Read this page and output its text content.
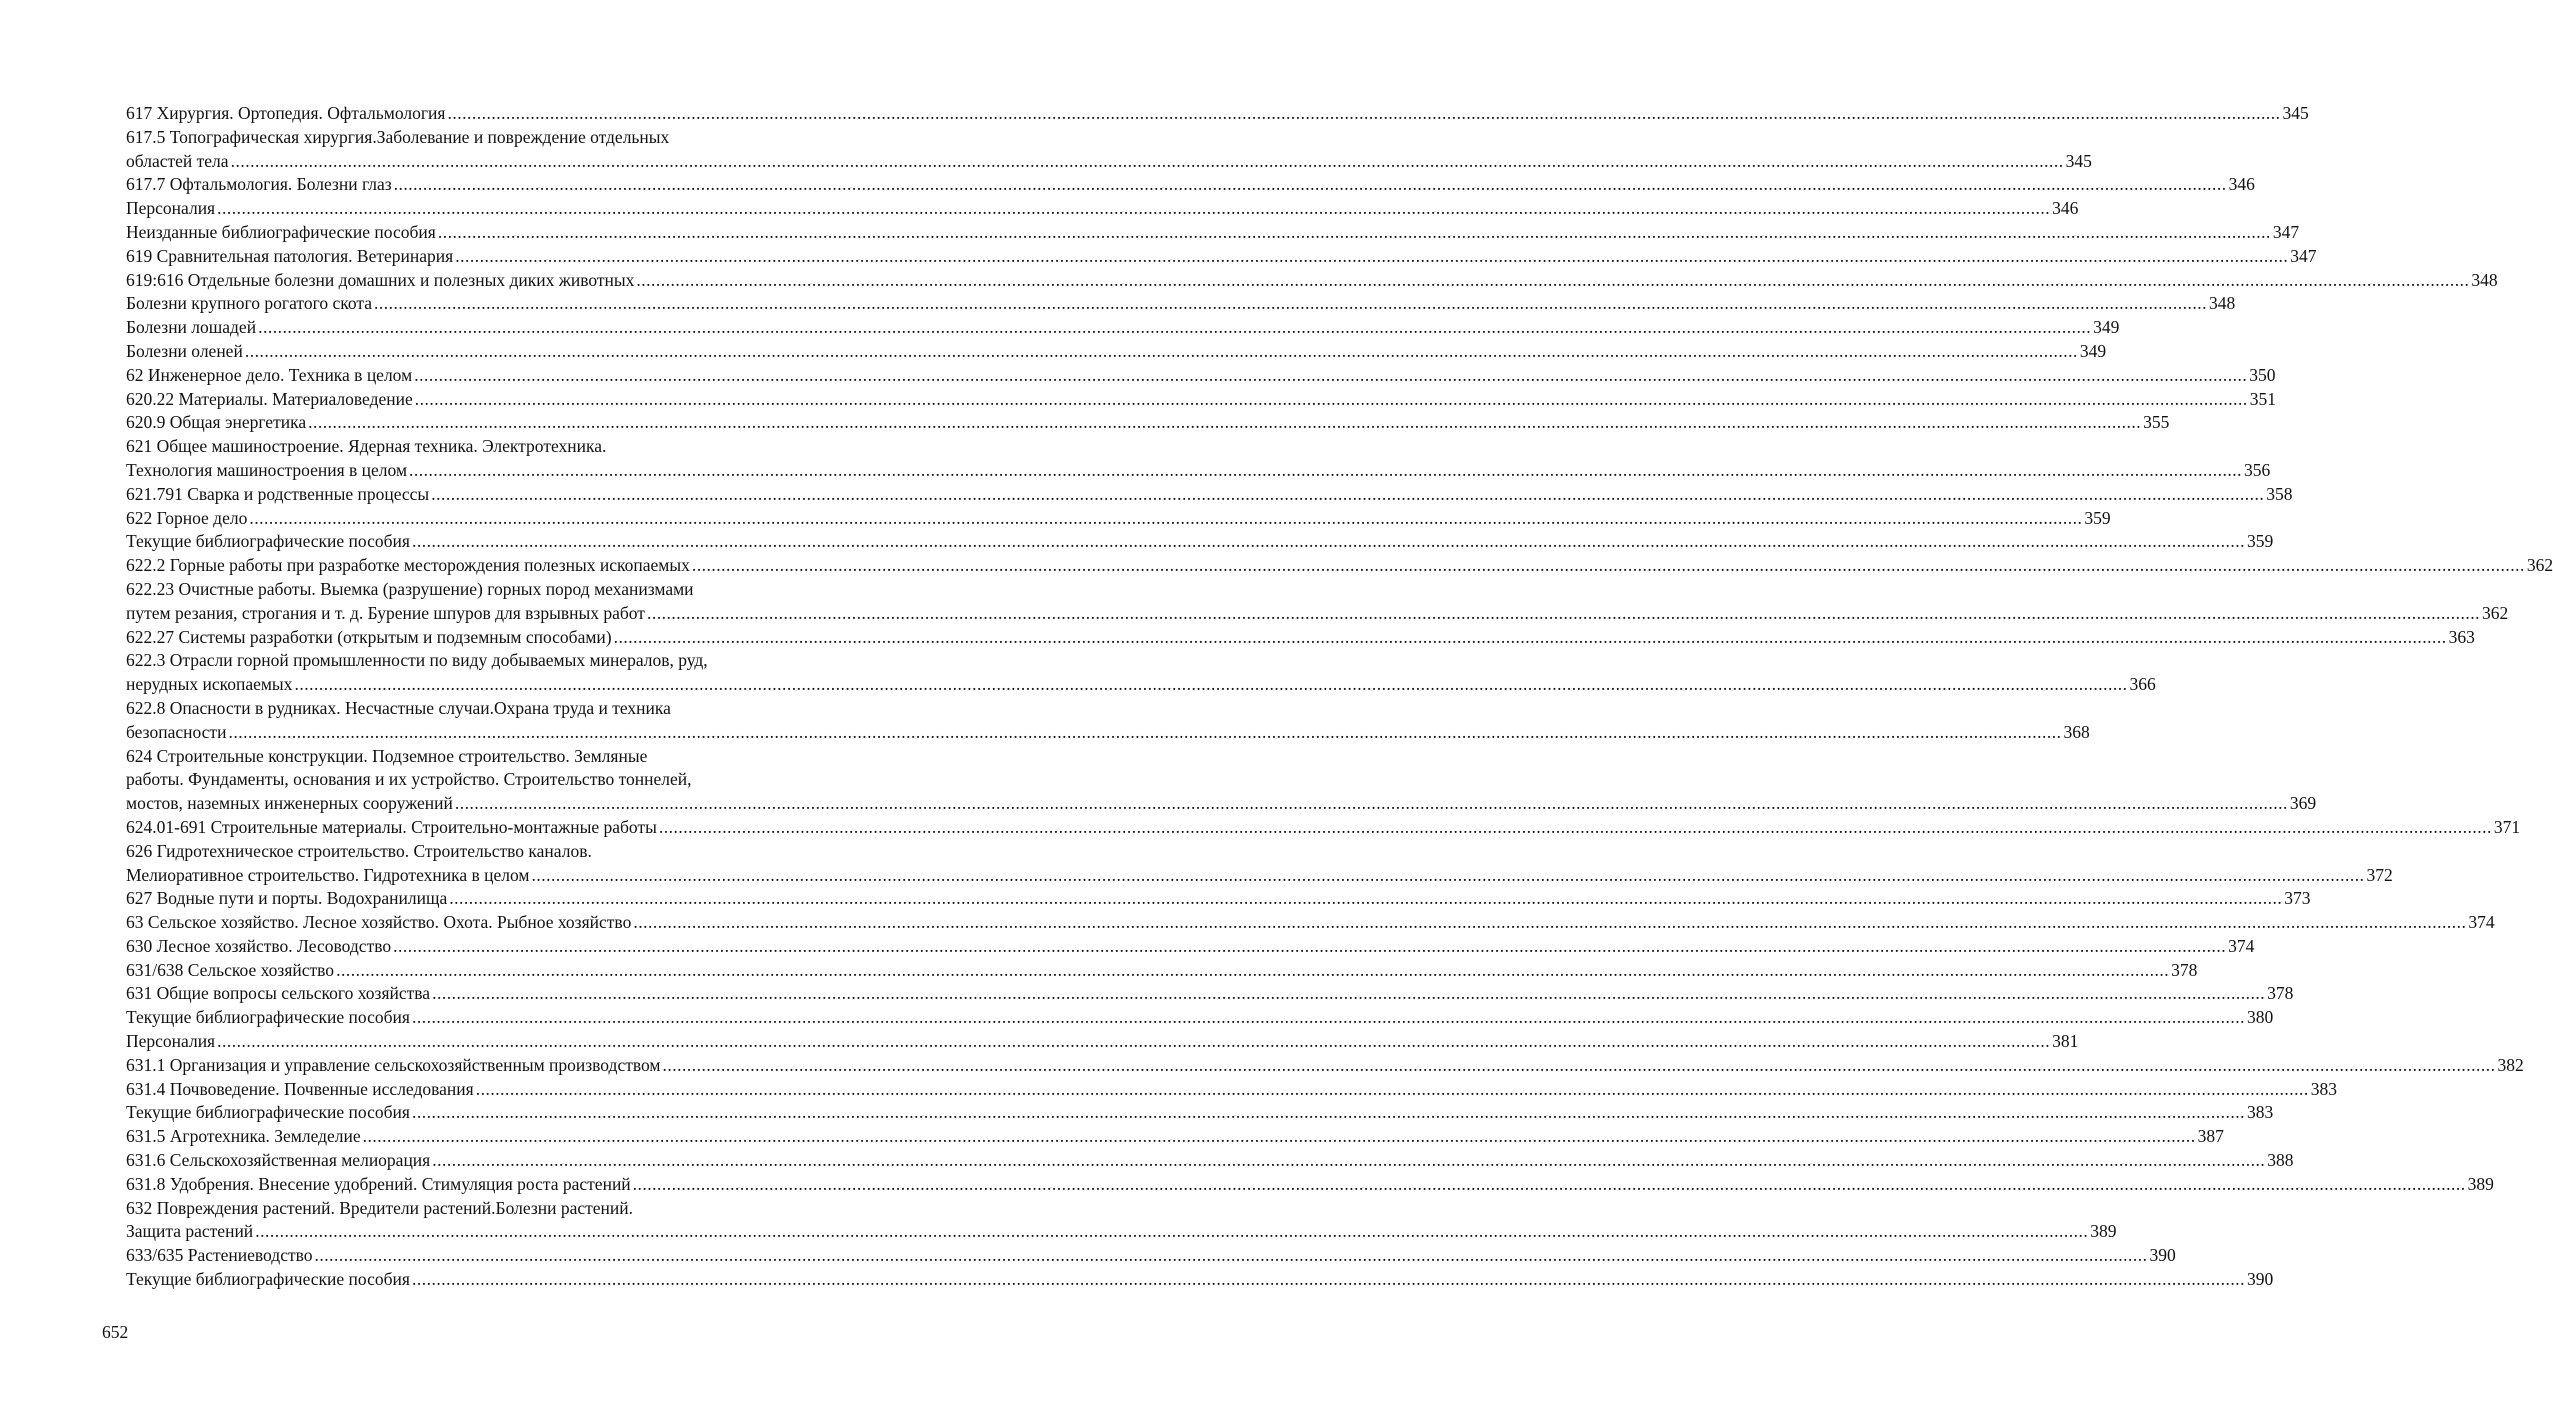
617 Хирургия. Ортопедия. Офтальмология .....	345
617.5 Топографическая хирургия.Заболевание и повреждение отдельных
областей тела .....	345
617.7 Офтальмология. Болезни глаз .....	346
Персоналия .....	346
Неизданные библиографические пособия .....	347
619 Сравнительная патология. Ветеринария .....	347
619:616 Отдельные болезни домашних и полезных диких животных .....	348
Болезни крупного рогатого скота .....	348
Болезни лошадей .....	349
Болезни оленей .....	349
62 Инженерное дело. Техника в целом .....	350
620.22 Материалы. Материаловедение .....	351
620.9 Общая энергетика .....	355
621 Общее машиностроение. Ядерная техника. Электротехника.
Технология машиностроения в целом .....	356
621.791 Сварка и родственные процессы .....	358
622 Горное дело .....	359
Текущие библиографические пособия .....	359
622.2 Горные работы при разработке месторождения полезных ископаемых .....	362
622.23 Очистные работы. Выемка (разрушение) горных пород механизмами
путем резания, строгания и т. д. Бурение шпуров для взрывных работ .....	362
622.27 Системы разработки (открытым и подземным способами) .....	363
622.3 Отрасли горной промышленности по виду добываемых минералов, руд,
нерудных ископаемых .....	366
622.8 Опасности в рудниках. Несчастные случаи.Охрана труда и техника
безопасности .....	368
624 Строительные конструкции. Подземное строительство. Земляные
работы. Фундаменты, основания и их устройство. Строительство тоннелей,
мостов, наземных инженерных сооружений .....	369
624.01-691 Строительные материалы. Строительно-монтажные работы .....	371
626 Гидротехническое строительство. Строительство каналов.
Мелиоративное строительство. Гидротехника в целом .....	372
627 Водные пути и порты. Водохранилища .....	373
63 Сельское хозяйство. Лесное хозяйство. Охота. Рыбное хозяйство .....	374
630 Лесное хозяйство. Лесоводство .....	374
631/638 Сельское хозяйство .....	378
631 Общие вопросы сельского хозяйства .....	378
Текущие библиографические пособия .....	380
Персоналия .....	381
631.1 Организация и управление сельскохозяйственным производством .....	382
631.4 Почвоведение. Почвенные исследования .....	383
Текущие библиографические пособия .....	383
631.5 Агротехника. Земледелие .....	387
631.6 Сельскохозяйственная мелиорация .....	388
631.8 Удобрения. Внесение удобрений. Стимуляция роста растений .....	389
632 Повреждения растений. Вредители растений.Болезни растений.
Защита растений .....	389
633/635 Растениеводство .....	390
Текущие библиографические пособия .....	390
652
